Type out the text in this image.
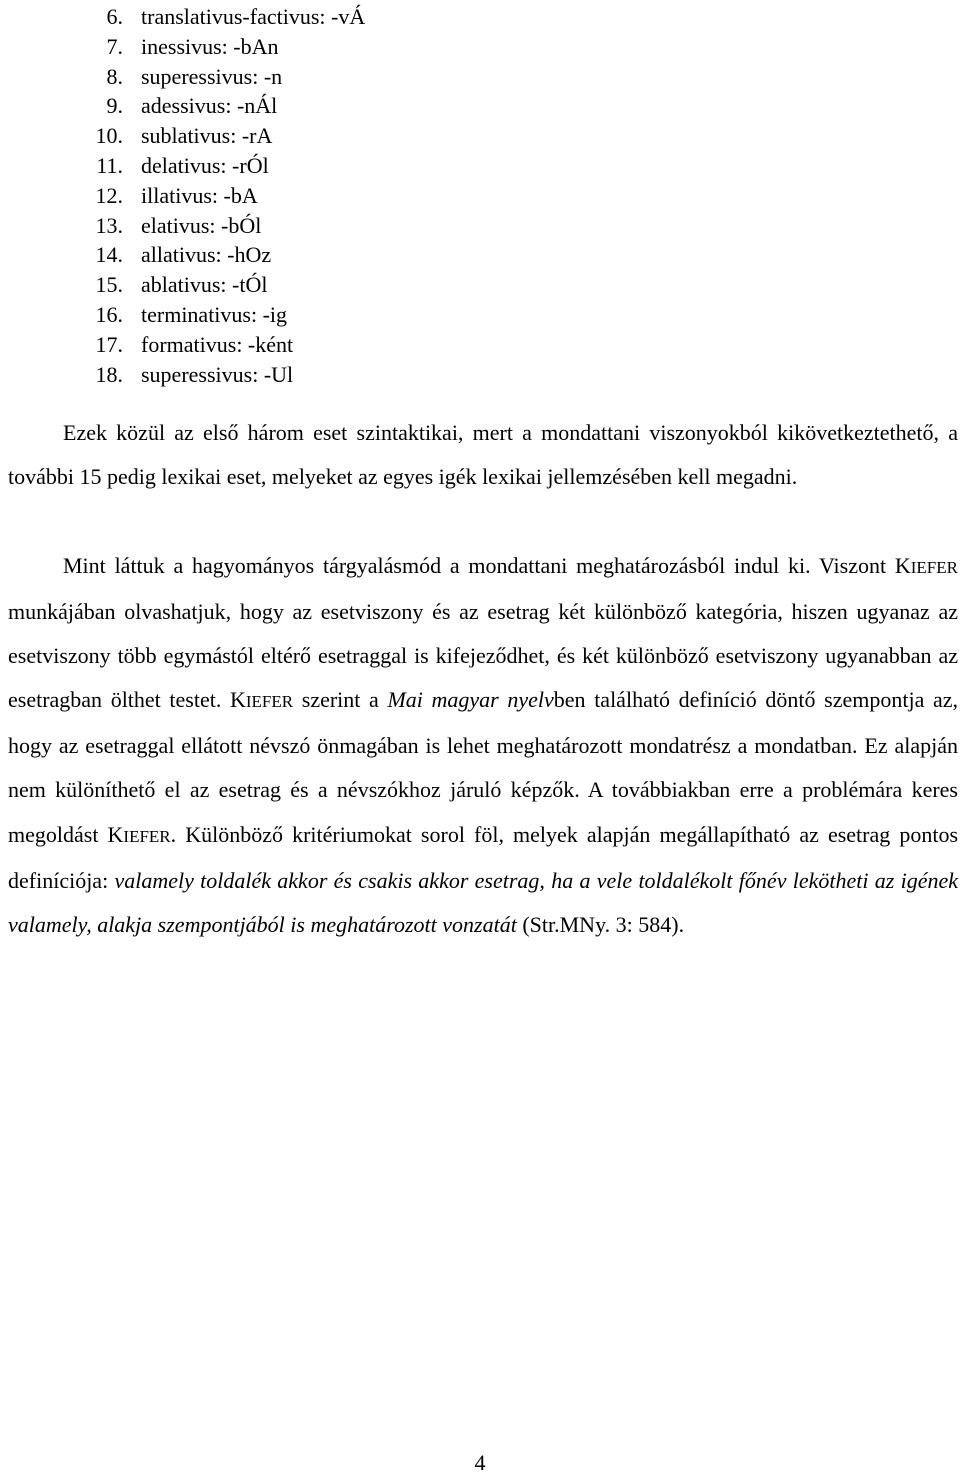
6. translativus-factivus: -vÁ
7. inessivus: -bAn
8. superessivus: -n
9. adessivus: -nÁl
10. sublativus: -rA
11. delativus: -rÓl
12. illativus: -bA
13. elativus: -bÓl
14. allativus: -hOz
15. ablativus: -tÓl
16. terminativus: -ig
17. formativus: -ként
18. superessivus: -Ul

Ezek közül az első három eset szintaktikai, mert a mondattani viszonyokból kikövetkeztethető, a további 15 pedig lexikai eset, melyeket az egyes igék lexikai jellemzésében kell megadni.

Mint láttuk a hagyományos tárgyalásmód a mondattani meghatározásból indul ki. Viszont KIEFER munkájában olvashatjuk, hogy az esetviszony és az esetrag két különböző kategória, hiszen ugyanaz az esetviszony több egymástól eltérő esetraggal is kifejeződhet, és két különböző esetviszony ugyanabban az esetragban ölthet testet. KIEFER szerint a Mai magyar nyelvben található definíció döntő szempontja az, hogy az esetraggal ellátott névszó önmagában is lehet meghatározott mondatrész a mondatban. Ez alapján nem különíthető el az esetrag és a névszókhoz járuló képzők. A továbbiakban erre a problémára keres megoldást KIEFER. Különböző kritériumokat sorol föl, melyek alapján megállapítható az esetrag pontos definíciója: valamely toldalék akkor és csakis akkor esetrag, ha a vele toldalékolt főnév lekötheti az igének valamely, alakja szempontjából is meghatározott vonzatát (Str.MNy. 3: 584).

4
